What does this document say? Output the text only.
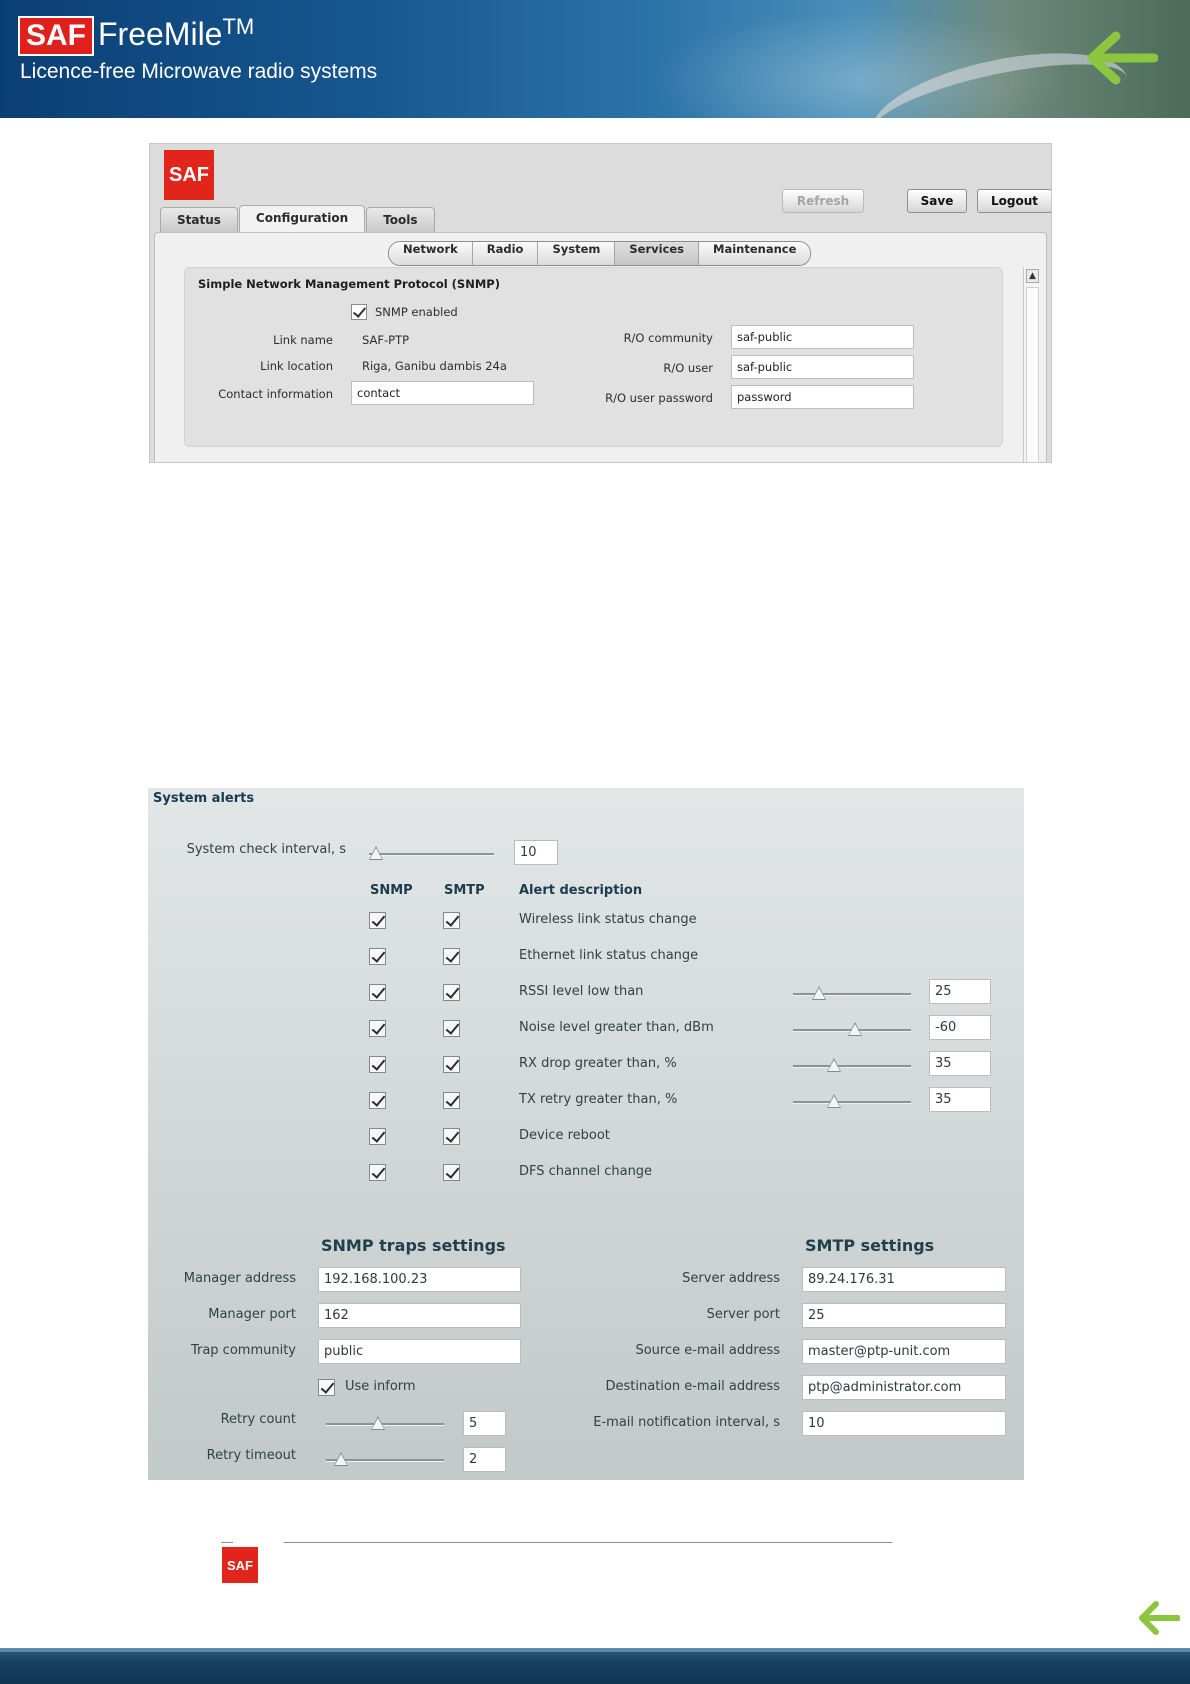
SAF FreeMile TM
Licence-free Microwave radio systems
SAF
Status	Configuration	Tools
Refresh	Save	Logout
Network	Radio	System	Services	Maintenance
Simple Network Management Protocol (SNMP)
SNMP enabled
Link name	SAF-PTP
Link location	Riga, Ganibu dambis 24a
Contact information	contact
R/O community	saf-public
R/O user	saf-public
R/O user password	password
▲
System alerts
System check interval, s	10
SNMP SMTP	Alert description
Wireless link status change
Ethernet link status change
RSSI level low than	25
Noise level greater than, dBm	-60
RX drop greater than, %	35
TX retry greater than, %	35
Device reboot
DFS channel change
SNMP traps settings
Manager address	192.168.100.23
Manager port	162
Trap community	public
Use inform
Retry count	5
Retry timeout	2
SMTP settings
Server address	89.24.176.31
Server port	25
Source e-mail address	master@ptp-unit.com
Destination e-mail address	ptp@administrator.com
E-mail notification interval, s	10
SAF
